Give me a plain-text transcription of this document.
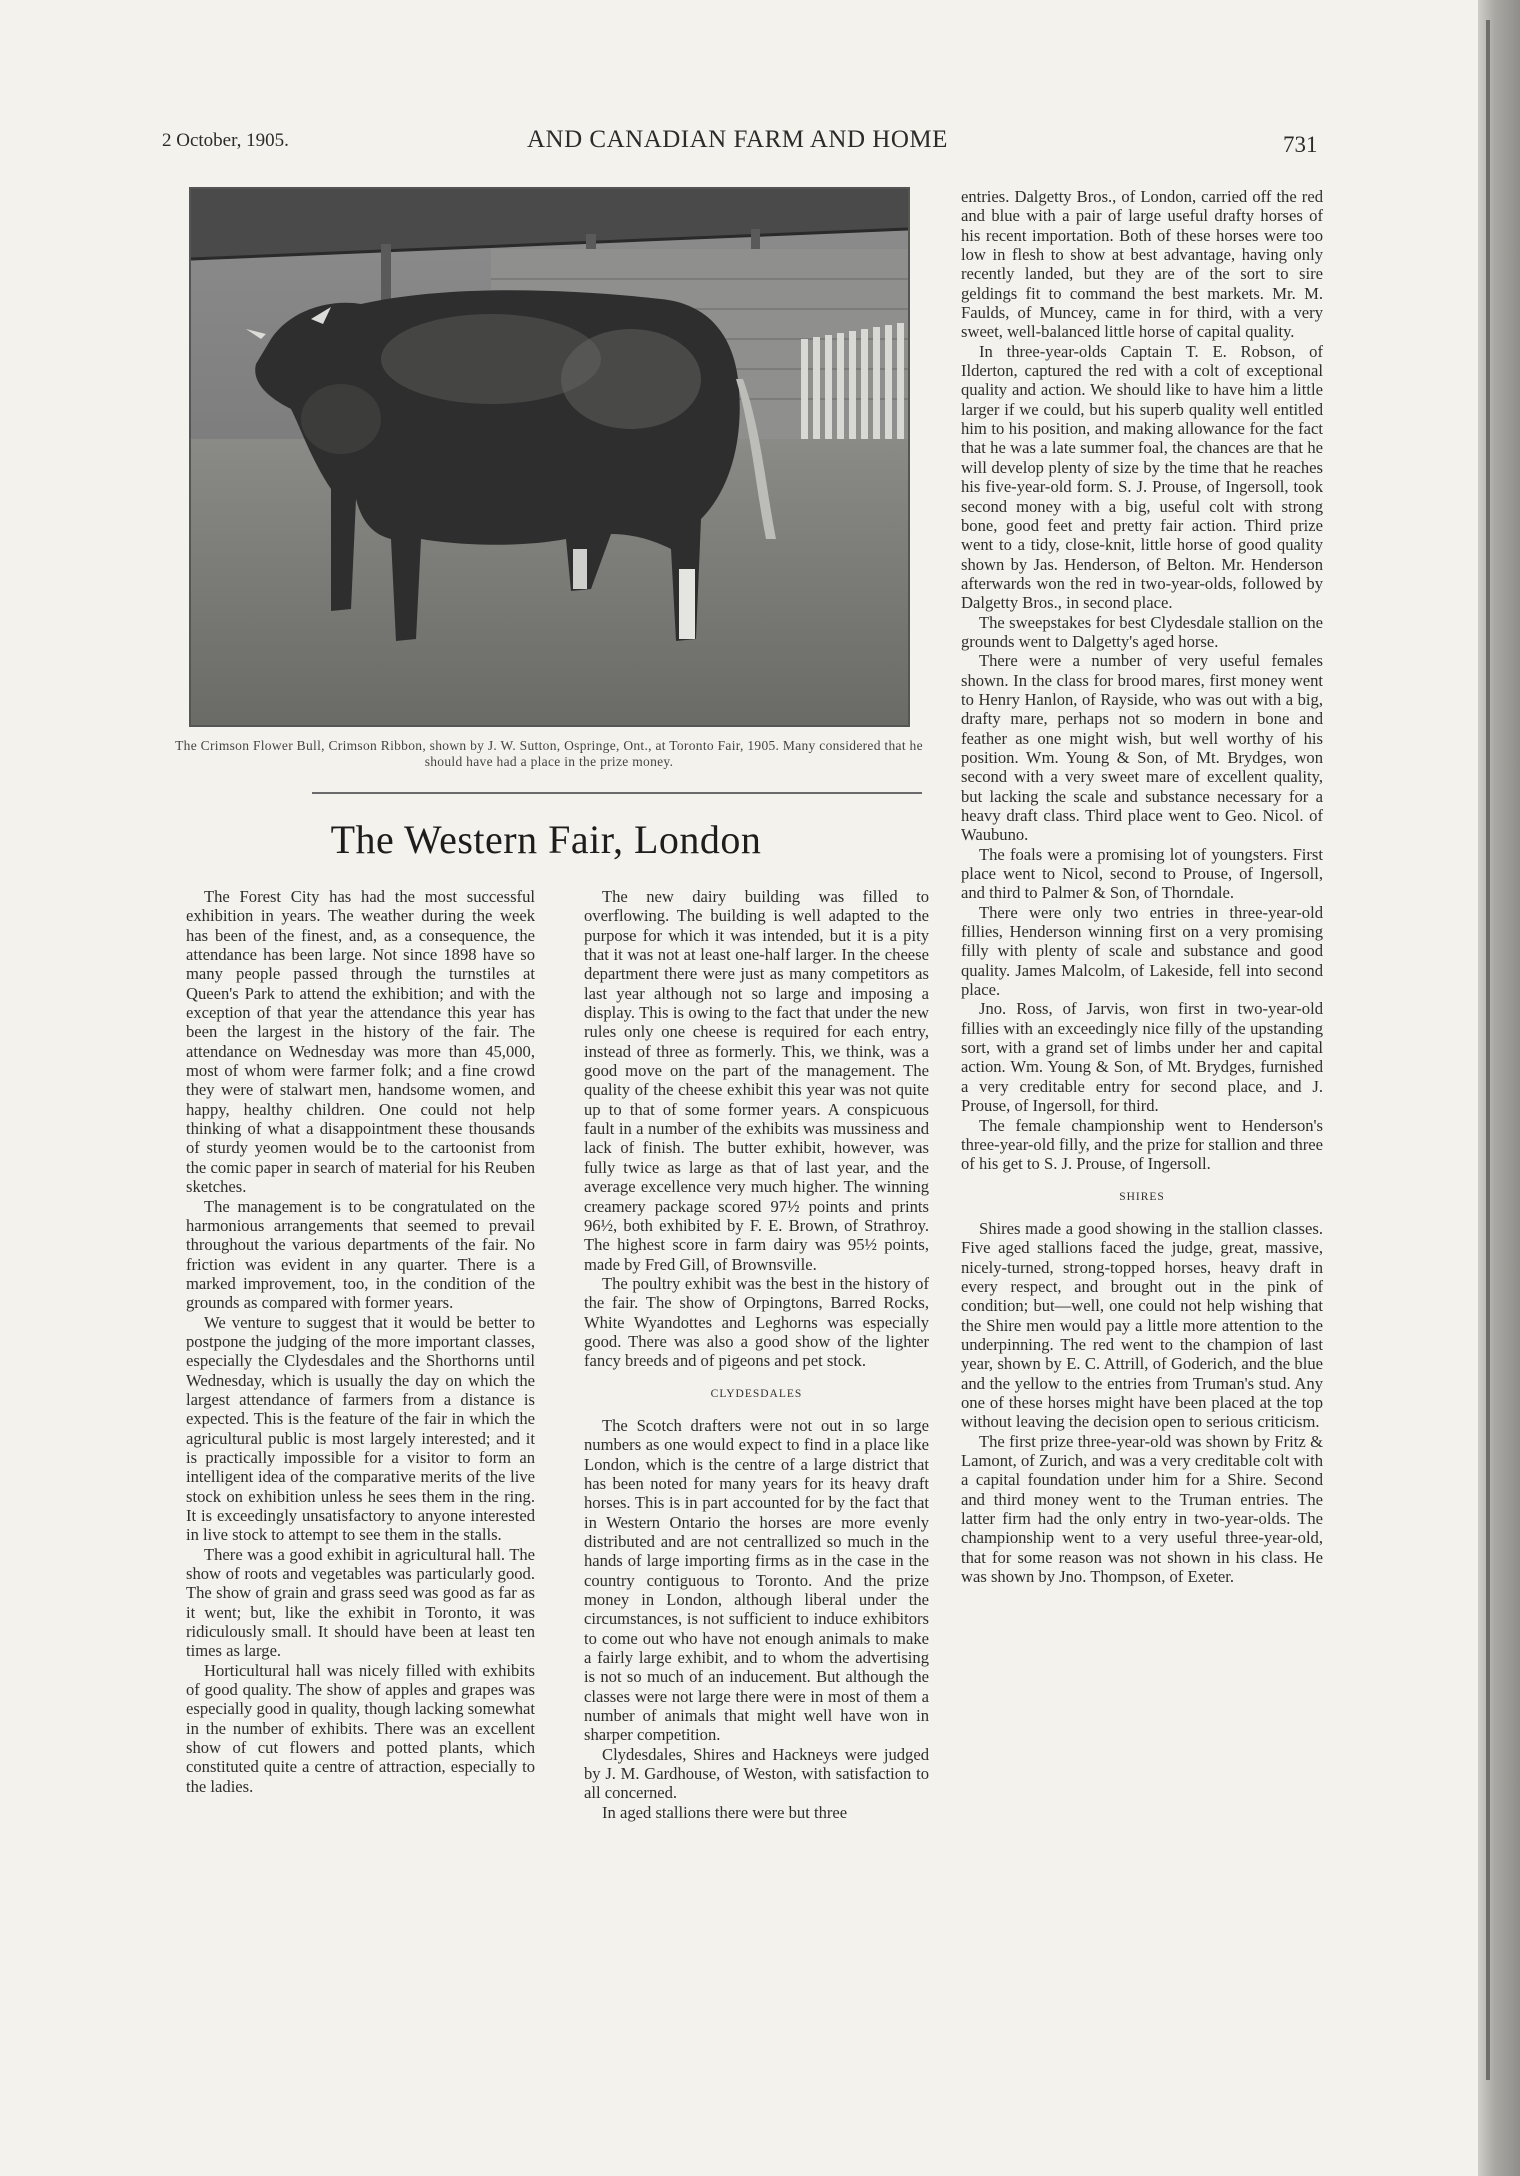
2 October, 1905.	AND CANADIAN FARM AND HOME	731
The Crimson Flower Bull, Crimson Ribbon, shown by J. W. Sutton, Ospringe, Ont., at Toronto Fair, 1905. Many considered that he should have had a place in the prize money.
The Western Fair, London

The Forest City has had the most successful exhibition in years. The weather during the week has been of the finest, and, as a consequence, the attendance has been large. Not since 1898 have so many people passed through the turnstiles at Queen's Park to attend the exhibition; and with the exception of that year the attendance this year has been the largest in the history of the fair. The attendance on Wednesday was more than 45,000, most of whom were farmer folk; and a fine crowd they were of stalwart men, handsome women, and happy, healthy children. One could not help thinking of what a disappointment these thousands of sturdy yeomen would be to the cartoonist from the comic paper in search of material for his Reuben sketches.

The management is to be congratulated on the harmonious arrangements that seemed to prevail throughout the various departments of the fair. No friction was evident in any quarter. There is a marked improvement, too, in the condition of the grounds as compared with former years.

We venture to suggest that it would be better to postpone the judging of the more important classes, especially the Clydesdales and the Shorthorns until Wednesday, which is usually the day on which the largest attendance of farmers from a distance is expected. This is the feature of the fair in which the agricultural public is most largely interested; and it is practically impossible for a visitor to form an intelligent idea of the comparative merits of the live stock on exhibition unless he sees them in the ring. It is exceedingly unsatisfactory to anyone interested in live stock to attempt to see them in the stalls.

There was a good exhibit in agricultural hall. The show of roots and vegetables was particularly good. The show of grain and grass seed was good as far as it went; but, like the exhibit in Toronto, it was ridiculously small. It should have been at least ten times as large.

Horticultural hall was nicely filled with exhibits of good quality. The show of apples and grapes was especially good in quality, though lacking somewhat in the number of exhibits. There was an excellent show of cut flowers and potted plants, which constituted quite a centre of attraction, especially to the ladies.

The new dairy building was filled to overflowing. The building is well adapted to the purpose for which it was intended, but it is a pity that it was not at least one-half larger. In the cheese department there were just as many competitors as last year although not so large and imposing a display. This is owing to the fact that under the new rules only one cheese is required for each entry, instead of three as formerly. This, we think, was a good move on the part of the management. The quality of the cheese exhibit this year was not quite up to that of some former years. A conspicuous fault in a number of the exhibits was mussiness and lack of finish. The butter exhibit, however, was fully twice as large as that of last year, and the average excellence very much higher. The winning creamery package scored 97½ points and prints 96½, both exhibited by F. E. Brown, of Strathroy. The highest score in farm dairy was 95½ points, made by Fred Gill, of Brownsville.

The poultry exhibit was the best in the history of the fair. The show of Orpingtons, Barred Rocks, White Wyandottes and Leghorns was especially good. There was also a good show of the lighter fancy breeds and of pigeons and pet stock.

CLYDESDALES

The Scotch drafters were not out in so large numbers as one would expect to find in a place like London, which is the centre of a large district that has been noted for many years for its heavy draft horses. This is in part accounted for by the fact that in Western Ontario the horses are more evenly distributed and are not centrallized so much in the hands of large importing firms as in the case in the country contiguous to Toronto. And the prize money in London, although liberal under the circumstances, is not sufficient to induce exhibitors to come out who have not enough animals to make a fairly large exhibit, and to whom the advertising is not so much of an inducement. But although the classes were not large there were in most of them a number of animals that might well have won in sharper competition.

Clydesdales, Shires and Hackneys were judged by J. M. Gardhouse, of Weston, with satisfaction to all concerned.

In aged stallions there were but three

entries. Dalgetty Bros., of London, carried off the red and blue with a pair of large useful drafty horses of his recent importation. Both of these horses were too low in flesh to show at best advantage, having only recently landed, but they are of the sort to sire geldings fit to command the best markets. Mr. M. Faulds, of Muncey, came in for third, with a very sweet, well-balanced little horse of capital quality.

In three-year-olds Captain T. E. Robson, of Ilderton, captured the red with a colt of exceptional quality and action. We should like to have him a little larger if we could, but his superb quality well entitled him to his position, and making allowance for the fact that he was a late summer foal, the chances are that he will develop plenty of size by the time that he reaches his five-year-old form. S. J. Prouse, of Ingersoll, took second money with a big, useful colt with strong bone, good feet and pretty fair action. Third prize went to a tidy, close-knit, little horse of good quality shown by Jas. Henderson, of Belton. Mr. Henderson afterwards won the red in two-year-olds, followed by Dalgetty Bros., in second place.

The sweepstakes for best Clydesdale stallion on the grounds went to Dalgetty's aged horse.

There were a number of very useful females shown. In the class for brood mares, first money went to Henry Hanlon, of Rayside, who was out with a big, drafty mare, perhaps not so modern in bone and feather as one might wish, but well worthy of his position. Wm. Young & Son, of Mt. Brydges, won second with a very sweet mare of excellent quality, but lacking the scale and substance necessary for a heavy draft class. Third place went to Geo. Nicol. of Waubuno.

The foals were a promising lot of youngsters. First place went to Nicol, second to Prouse, of Ingersoll, and third to Palmer & Son, of Thorndale.

There were only two entries in three-year-old fillies, Henderson winning first on a very promising filly with plenty of scale and substance and good quality. James Malcolm, of Lakeside, fell into second place.

Jno. Ross, of Jarvis, won first in two-year-old fillies with an exceedingly nice filly of the upstanding sort, with a grand set of limbs under her and capital action. Wm. Young & Son, of Mt. Brydges, furnished a very creditable entry for second place, and J. Prouse, of Ingersoll, for third.

The female championship went to Henderson's three-year-old filly, and the prize for stallion and three of his get to S. J. Prouse, of Ingersoll.

SHIRES

Shires made a good showing in the stallion classes. Five aged stallions faced the judge, great, massive, nicely-turned, strong-topped horses, heavy draft in every respect, and brought out in the pink of condition; but—well, one could not help wishing that the Shire men would pay a little more attention to the underpinning. The red went to the champion of last year, shown by E. C. Attrill, of Goderich, and the blue and the yellow to the entries from Truman's stud. Any one of these horses might have been placed at the top without leaving the decision open to serious criticism.

The first prize three-year-old was shown by Fritz & Lamont, of Zurich, and was a very creditable colt with a capital foundation under him for a Shire. Second and third money went to the Truman entries. The latter firm had the only entry in two-year-olds. The championship went to a very useful three-year-old, that for some reason was not shown in his class. He was shown by Jno. Thompson, of Exeter.
